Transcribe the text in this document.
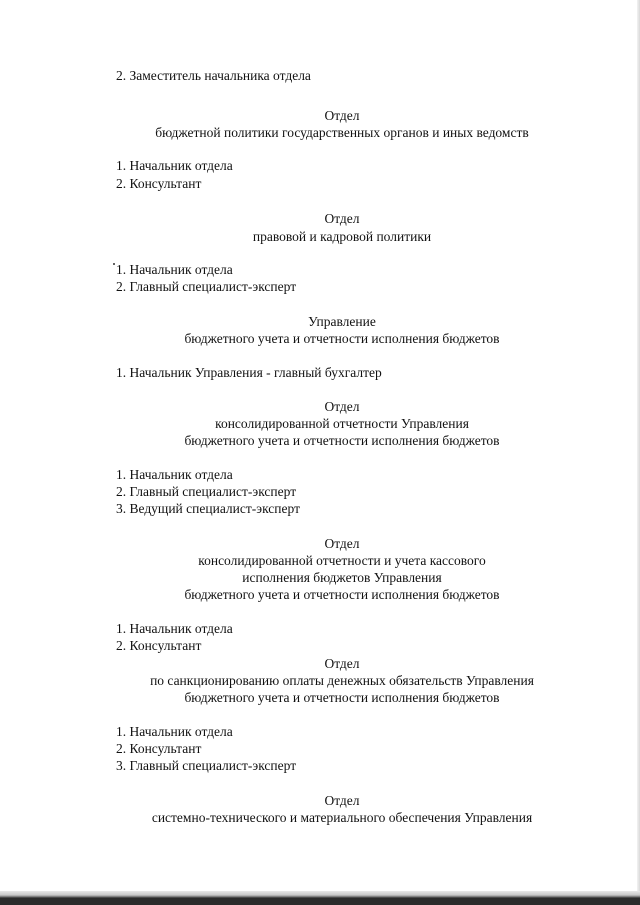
2. Заместитель начальника отдела
Отдел
бюджетной политики государственных органов и иных ведомств
1. Начальник отдела
2. Консультант
Отдел
правовой и кадровой политики
1. Начальник отдела
2. Главный специалист-эксперт
Управление
бюджетного учета и отчетности исполнения бюджетов
1. Начальник Управления - главный бухгалтер
Отдел
консолидированной отчетности Управления
бюджетного учета и отчетности исполнения бюджетов
1. Начальник отдела
2. Главный специалист-эксперт
3. Ведущий специалист-эксперт
Отдел
консолидированной отчетности и учета кассового
исполнения бюджетов Управления
бюджетного учета и отчетности исполнения бюджетов
1. Начальник отдела
2. Консультант
Отдел
по санкционированию оплаты денежных обязательств Управления
бюджетного учета и отчетности исполнения бюджетов
1. Начальник отдела
2. Консультант
3. Главный специалист-эксперт
Отдел
системно-технического и материального обеспечения Управления
